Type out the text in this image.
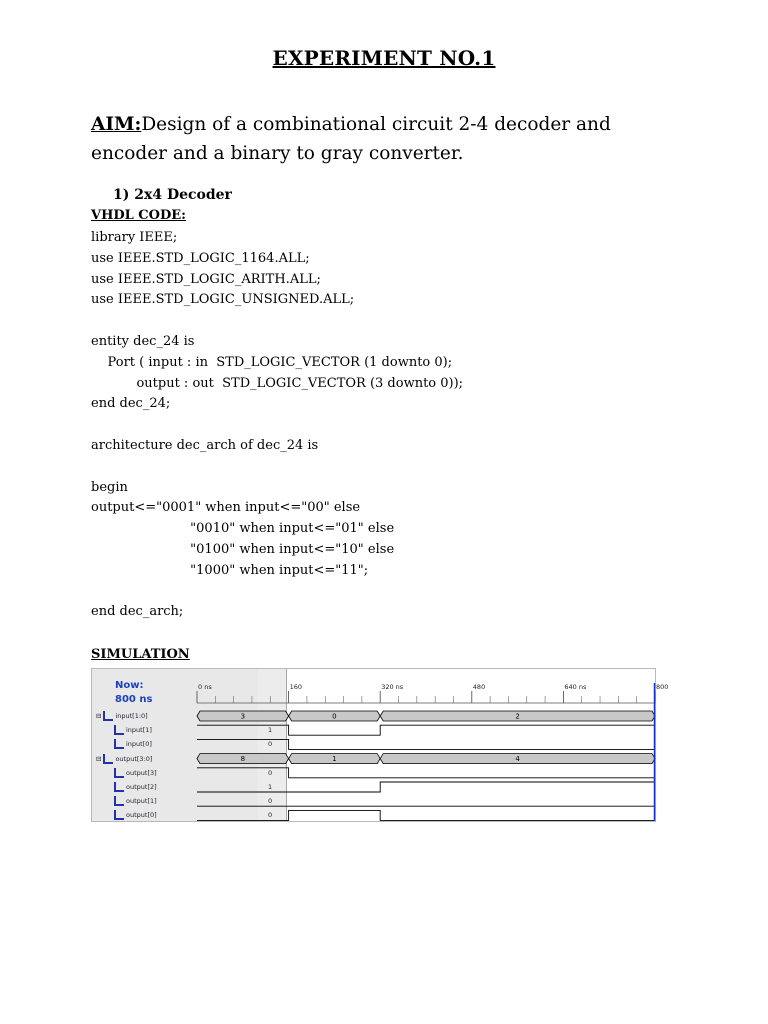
EXPERIMENT NO.1
AIM:Design of a combinational circuit 2-4 decoder and encoder and a binary to gray converter.
1) 2x4 Decoder
VHDL CODE:
library IEEE;
use IEEE.STD_LOGIC_1164.ALL;
use IEEE.STD_LOGIC_ARITH.ALL;
use IEEE.STD_LOGIC_UNSIGNED.ALL;

entity dec_24 is
Port ( input : in  STD_LOGIC_VECTOR (1 downto 0);
output : out  STD_LOGIC_VECTOR (3 downto 0));
end dec_24;

architecture dec_arch of dec_24 is

begin
output<="0001" when input<="00" else
"0010" when input<="01" else
"0100" when input<="10" else
"1000" when input<="11";

end dec_arch;
SIMULATION
Now:
800 ns
⊟ input[1:0]
input[1]
input[0]
⊟ output[3:0]
output[3]
output[2]
output[1]
output[0]
1
0
0
1
0
0
0 ns	160	320 ns	480	640 ns	800
3	0	2
8	1	4
